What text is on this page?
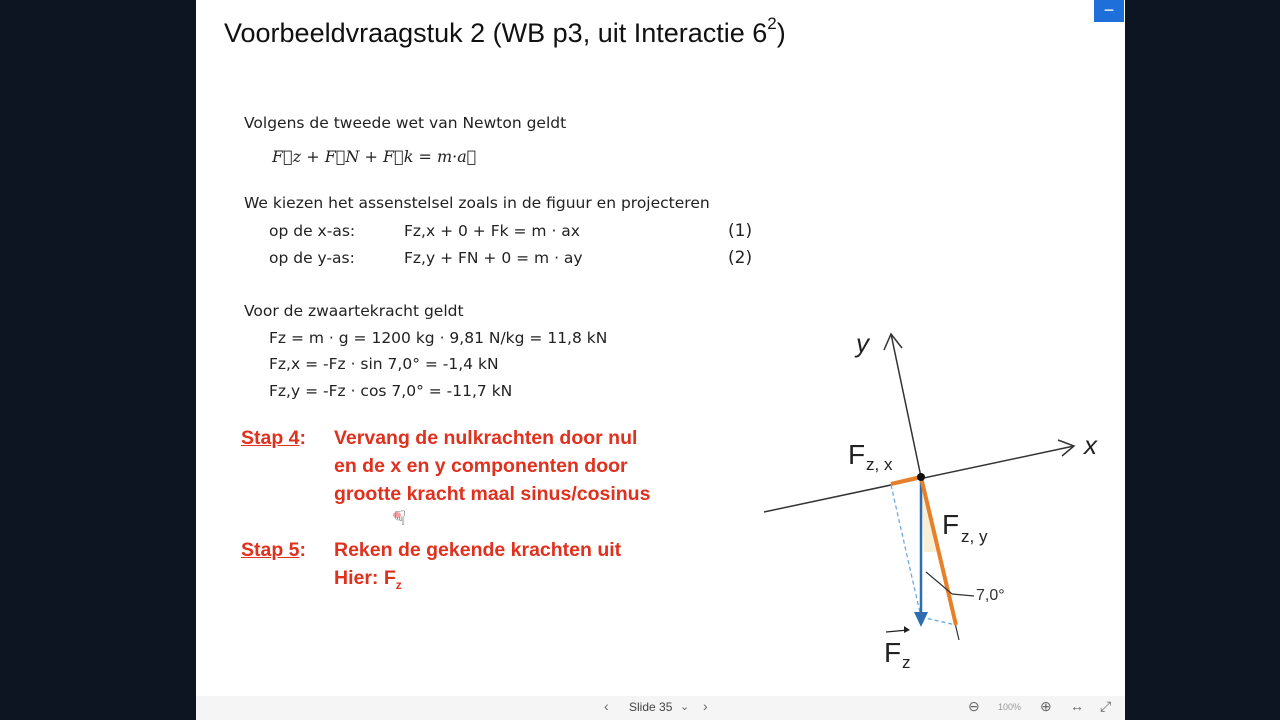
Voorbeeldvraagstuk 2 (WB p3, uit Interactie $6^2$)
−
Volgens de tweede wet van Newton geldt
F⃗z + F⃗N + F⃗k = m·a⃗
We kiezen het assenstelsel zoals in de figuur en projecteren
op de x-as:	Fz,x + 0 + Fk = m · ax	(1)
op de y-as:	Fz,y + FN + 0 = m · ay	(2)
Voor de zwaartekracht geldt
Fz = m · g = 1200 kg · 9,81 N/kg = 11,8 kN
Fz,x = -Fz · sin 7,0° = -1,4 kN
Fz,y = -Fz · cos 7,0° = -11,7 kN
Stap 4: Vervang de nulkrachten door nul
en de x en y componenten door
grootte kracht maal sinus/cosinus
Stap 5: Reken de gekende krachten uit
Hier: $F_z$
☟
y
x
F z, x
F z, y
7,0°
F z
‹ Slide 35 ⌄ ›	⊖ 100% ⊕ ↔ ⤢
